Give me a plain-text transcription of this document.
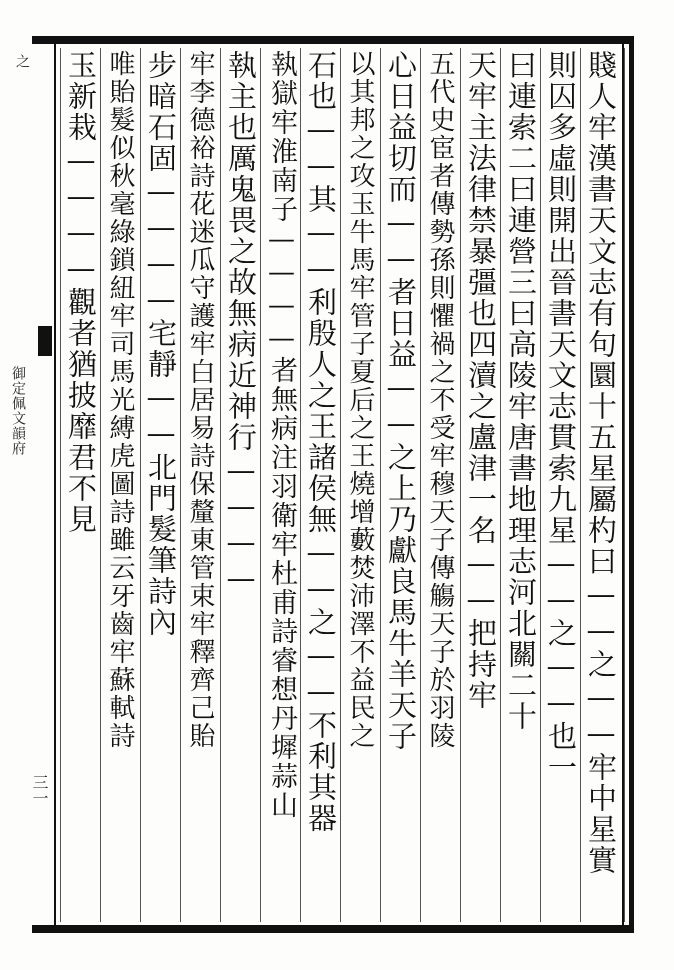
之
御定佩文韻府
三一	賤人牢漢書天文志有句圜十五星屬杓曰——之——牢中星實
則囚多虛則開出晉書天文志貫索九星——之——也一
曰連索二曰連營三曰高陵牢唐書地理志河北關二十
天牢主法律禁暴彊也四瀆之盧津一名——把持牢
五代史宦者傳勢孫則懼禍之不受牢穆天子傳觴天子於羽陵
心日益切而——者日益——之上乃獻良馬牛羊天子
以其邦之攻玉牛馬牢管子夏后之王燒增藪焚沛澤不益民之
石也——其——利殷人之王諸侯無——之——不利其器
執獄牢淮南子————者無病注羽衛牢杜甫詩睿想丹墀蒜山
執主也厲鬼畏之故無病近神行————
牢李德裕詩花迷瓜守護牢白居易詩保釐東管束牢釋齊己貽
步暗石固————宅靜——北門髮筆詩內
唯貽髮似秋毫綠鎖紐牢司馬光縛虎圖詩雖云牙齒牢蘇軾詩
玉新栽————觀者猶披靡君不見
